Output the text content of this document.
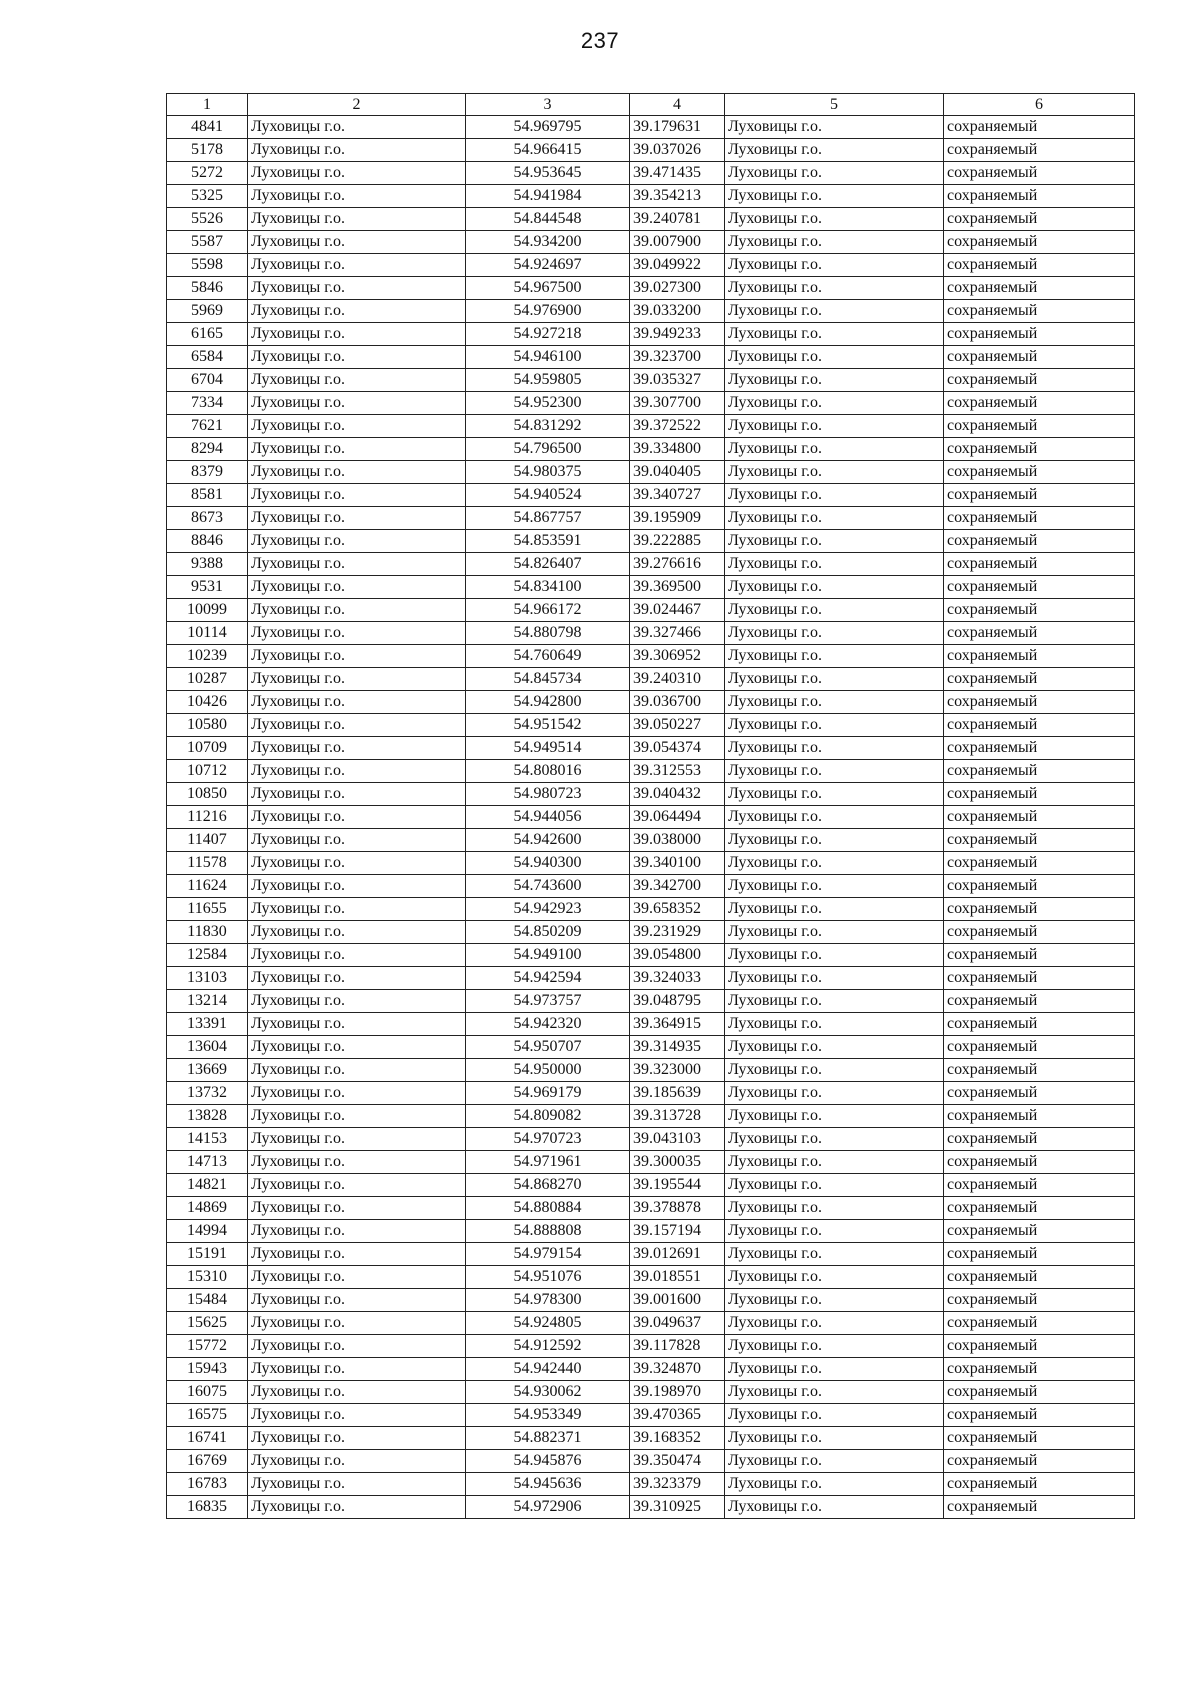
237
1	2	3	4	5	6
4841	Луховицы г.о.	54.969795	39.179631	Луховицы г.о.	сохраняемый
5178	Луховицы г.о.	54.966415	39.037026	Луховицы г.о.	сохраняемый
5272	Луховицы г.о.	54.953645	39.471435	Луховицы г.о.	сохраняемый
5325	Луховицы г.о.	54.941984	39.354213	Луховицы г.о.	сохраняемый
5526	Луховицы г.о.	54.844548	39.240781	Луховицы г.о.	сохраняемый
5587	Луховицы г.о.	54.934200	39.007900	Луховицы г.о.	сохраняемый
5598	Луховицы г.о.	54.924697	39.049922	Луховицы г.о.	сохраняемый
5846	Луховицы г.о.	54.967500	39.027300	Луховицы г.о.	сохраняемый
5969	Луховицы г.о.	54.976900	39.033200	Луховицы г.о.	сохраняемый
6165	Луховицы г.о.	54.927218	39.949233	Луховицы г.о.	сохраняемый
6584	Луховицы г.о.	54.946100	39.323700	Луховицы г.о.	сохраняемый
6704	Луховицы г.о.	54.959805	39.035327	Луховицы г.о.	сохраняемый
7334	Луховицы г.о.	54.952300	39.307700	Луховицы г.о.	сохраняемый
7621	Луховицы г.о.	54.831292	39.372522	Луховицы г.о.	сохраняемый
8294	Луховицы г.о.	54.796500	39.334800	Луховицы г.о.	сохраняемый
8379	Луховицы г.о.	54.980375	39.040405	Луховицы г.о.	сохраняемый
8581	Луховицы г.о.	54.940524	39.340727	Луховицы г.о.	сохраняемый
8673	Луховицы г.о.	54.867757	39.195909	Луховицы г.о.	сохраняемый
8846	Луховицы г.о.	54.853591	39.222885	Луховицы г.о.	сохраняемый
9388	Луховицы г.о.	54.826407	39.276616	Луховицы г.о.	сохраняемый
9531	Луховицы г.о.	54.834100	39.369500	Луховицы г.о.	сохраняемый
10099	Луховицы г.о.	54.966172	39.024467	Луховицы г.о.	сохраняемый
10114	Луховицы г.о.	54.880798	39.327466	Луховицы г.о.	сохраняемый
10239	Луховицы г.о.	54.760649	39.306952	Луховицы г.о.	сохраняемый
10287	Луховицы г.о.	54.845734	39.240310	Луховицы г.о.	сохраняемый
10426	Луховицы г.о.	54.942800	39.036700	Луховицы г.о.	сохраняемый
10580	Луховицы г.о.	54.951542	39.050227	Луховицы г.о.	сохраняемый
10709	Луховицы г.о.	54.949514	39.054374	Луховицы г.о.	сохраняемый
10712	Луховицы г.о.	54.808016	39.312553	Луховицы г.о.	сохраняемый
10850	Луховицы г.о.	54.980723	39.040432	Луховицы г.о.	сохраняемый
11216	Луховицы г.о.	54.944056	39.064494	Луховицы г.о.	сохраняемый
11407	Луховицы г.о.	54.942600	39.038000	Луховицы г.о.	сохраняемый
11578	Луховицы г.о.	54.940300	39.340100	Луховицы г.о.	сохраняемый
11624	Луховицы г.о.	54.743600	39.342700	Луховицы г.о.	сохраняемый
11655	Луховицы г.о.	54.942923	39.658352	Луховицы г.о.	сохраняемый
11830	Луховицы г.о.	54.850209	39.231929	Луховицы г.о.	сохраняемый
12584	Луховицы г.о.	54.949100	39.054800	Луховицы г.о.	сохраняемый
13103	Луховицы г.о.	54.942594	39.324033	Луховицы г.о.	сохраняемый
13214	Луховицы г.о.	54.973757	39.048795	Луховицы г.о.	сохраняемый
13391	Луховицы г.о.	54.942320	39.364915	Луховицы г.о.	сохраняемый
13604	Луховицы г.о.	54.950707	39.314935	Луховицы г.о.	сохраняемый
13669	Луховицы г.о.	54.950000	39.323000	Луховицы г.о.	сохраняемый
13732	Луховицы г.о.	54.969179	39.185639	Луховицы г.о.	сохраняемый
13828	Луховицы г.о.	54.809082	39.313728	Луховицы г.о.	сохраняемый
14153	Луховицы г.о.	54.970723	39.043103	Луховицы г.о.	сохраняемый
14713	Луховицы г.о.	54.971961	39.300035	Луховицы г.о.	сохраняемый
14821	Луховицы г.о.	54.868270	39.195544	Луховицы г.о.	сохраняемый
14869	Луховицы г.о.	54.880884	39.378878	Луховицы г.о.	сохраняемый
14994	Луховицы г.о.	54.888808	39.157194	Луховицы г.о.	сохраняемый
15191	Луховицы г.о.	54.979154	39.012691	Луховицы г.о.	сохраняемый
15310	Луховицы г.о.	54.951076	39.018551	Луховицы г.о.	сохраняемый
15484	Луховицы г.о.	54.978300	39.001600	Луховицы г.о.	сохраняемый
15625	Луховицы г.о.	54.924805	39.049637	Луховицы г.о.	сохраняемый
15772	Луховицы г.о.	54.912592	39.117828	Луховицы г.о.	сохраняемый
15943	Луховицы г.о.	54.942440	39.324870	Луховицы г.о.	сохраняемый
16075	Луховицы г.о.	54.930062	39.198970	Луховицы г.о.	сохраняемый
16575	Луховицы г.о.	54.953349	39.470365	Луховицы г.о.	сохраняемый
16741	Луховицы г.о.	54.882371	39.168352	Луховицы г.о.	сохраняемый
16769	Луховицы г.о.	54.945876	39.350474	Луховицы г.о.	сохраняемый
16783	Луховицы г.о.	54.945636	39.323379	Луховицы г.о.	сохраняемый
16835	Луховицы г.о.	54.972906	39.310925	Луховицы г.о.	сохраняемый
